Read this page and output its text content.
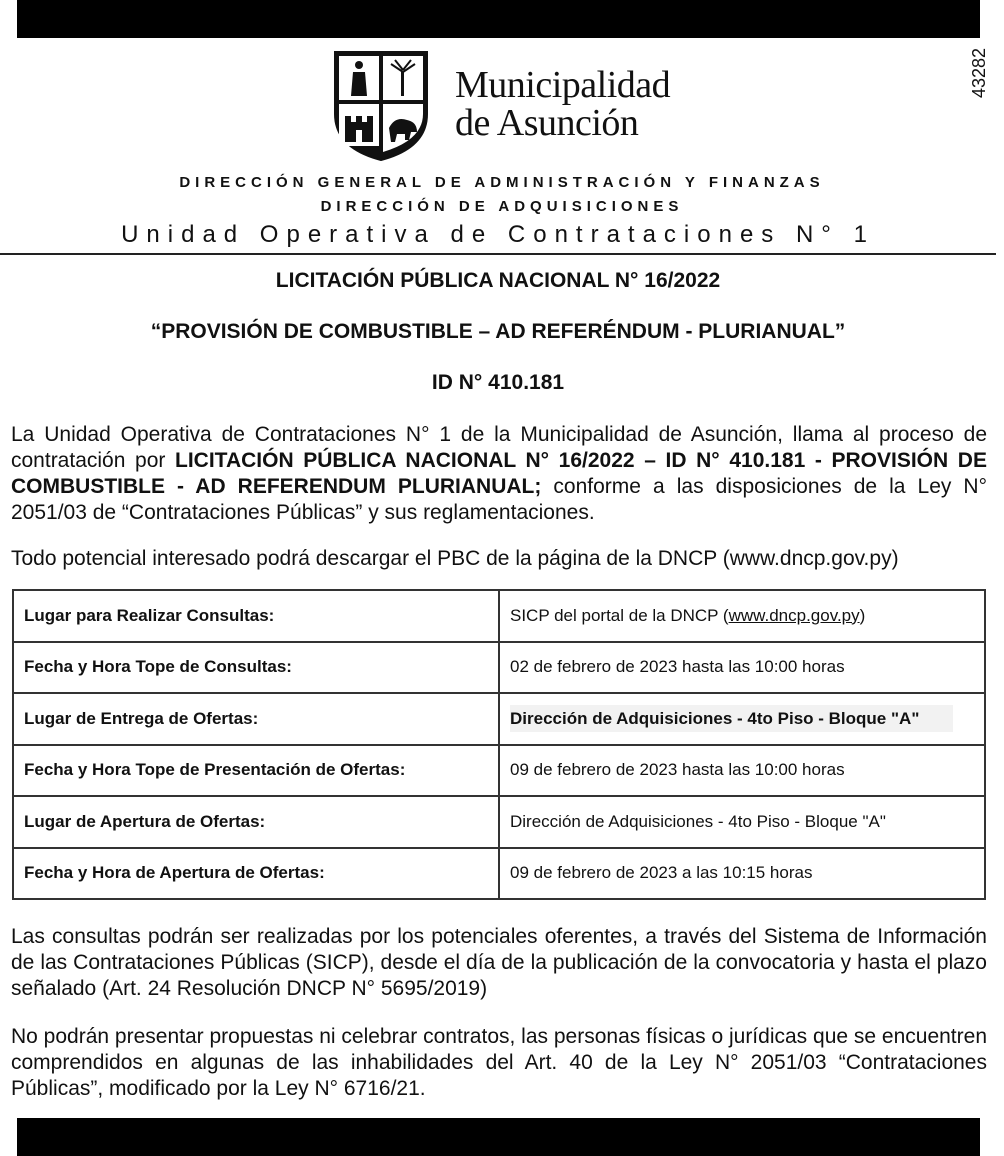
43282
Municipalidad
de Asunción
DIRECCIÓN GENERAL DE ADMINISTRACIÓN Y FINANZAS
DIRECCIÓN DE ADQUISICIONES
Unidad Operativa de Contrataciones N° 1
LICITACIÓN PÚBLICA NACIONAL N° 16/2022
“PROVISIÓN DE COMBUSTIBLE – AD REFERÉNDUM - PLURIANUAL”
ID N° 410.181
La Unidad Operativa de Contrataciones N° 1 de la Municipalidad de Asunción, llama al proceso de contratación por LICITACIÓN PÚBLICA NACIONAL N° 16/2022 – ID N° 410.181 - PROVISIÓN DE COMBUSTIBLE - AD REFERENDUM PLURIANUAL; conforme a las disposiciones de la Ley N° 2051/03 de “Contrataciones Públicas” y sus reglamentaciones.
Todo potencial interesado podrá descargar el PBC de la página de la DNCP (www.dncp.gov.py)
Lugar para Realizar Consultas:	SICP del portal de la DNCP (www.dncp.gov.py)
Fecha y Hora Tope de Consultas:	02 de febrero de 2023 hasta las 10:00 horas
Lugar de Entrega de Ofertas:	Dirección de Adquisiciones - 4to Piso - Bloque "A"
Fecha y Hora Tope de Presentación de Ofertas:	09 de febrero de 2023 hasta las 10:00 horas
Lugar de Apertura de Ofertas:	Dirección de Adquisiciones - 4to Piso - Bloque "A"
Fecha y Hora de Apertura de Ofertas:	09 de febrero de 2023 a las 10:15 horas
Las consultas podrán ser realizadas por los potenciales oferentes, a través del Sistema de Información de las Contrataciones Públicas (SICP), desde el día de la publicación de la convocatoria y hasta el plazo señalado (Art. 24 Resolución DNCP N° 5695/2019)
No podrán presentar propuestas ni celebrar contratos, las personas físicas o jurídicas que se encuentren comprendidos en algunas de las inhabilidades del Art. 40 de la Ley N° 2051/03 “Contrataciones Públicas”, modificado por la Ley N° 6716/21.
